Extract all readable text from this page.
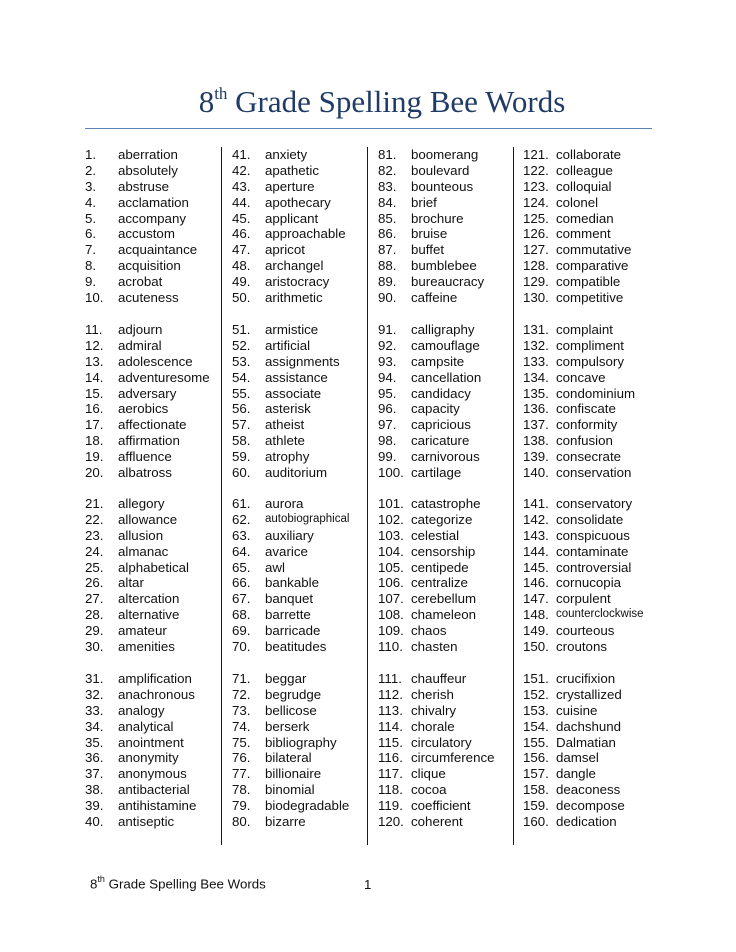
8th Grade Spelling Bee Words
1.	aberration
2.	absolutely
3.	abstruse
4.	acclamation
5.	accompany
6.	accustom
7.	acquaintance
8.	acquisition
9.	acrobat
10.	acuteness
11.	adjourn
12.	admiral
13.	adolescence
14.	adventuresome
15.	adversary
16.	aerobics
17.	affectionate
18.	affirmation
19.	affluence
20.	albatross
21.	allegory
22.	allowance
23.	allusion
24.	almanac
25.	alphabetical
26.	altar
27.	altercation
28.	alternative
29.	amateur
30.	amenities
31.	amplification
32.	anachronous
33.	analogy
34.	analytical
35.	anointment
36.	anonymity
37.	anonymous
38.	antibacterial
39.	antihistamine
40.	antiseptic
41.	anxiety
42.	apathetic
43.	aperture
44.	apothecary
45.	applicant
46.	approachable
47.	apricot
48.	archangel
49.	aristocracy
50.	arithmetic
51.	armistice
52.	artificial
53.	assignments
54.	assistance
55.	associate
56.	asterisk
57.	atheist
58.	athlete
59.	atrophy
60.	auditorium
61.	aurora
62.	autobiographical
63.	auxiliary
64.	avarice
65.	awl
66.	bankable
67.	banquet
68.	barrette
69.	barricade
70.	beatitudes
71.	beggar
72.	begrudge
73.	bellicose
74.	berserk
75.	bibliography
76.	bilateral
77.	billionaire
78.	binomial
79.	biodegradable
80.	bizarre
81.	boomerang
82.	boulevard
83.	bounteous
84.	brief
85.	brochure
86.	bruise
87.	buffet
88.	bumblebee
89.	bureaucracy
90.	caffeine
91.	calligraphy
92.	camouflage
93.	campsite
94.	cancellation
95.	candidacy
96.	capacity
97.	capricious
98.	caricature
99.	carnivorous
100. cartilage
101. catastrophe
102. categorize
103. celestial
104. censorship
105. centipede
106. centralize
107. cerebellum
108. chameleon
109. chaos
110. chasten
111. chauffeur
112. cherish
113. chivalry
114. chorale
115. circulatory
116. circumference
117. clique
118. cocoa
119. coefficient
120. coherent
121. collaborate
122. colleague
123. colloquial
124. colonel
125. comedian
126. comment
127. commutative
128. comparative
129. compatible
130. competitive
131. complaint
132. compliment
133. compulsory
134. concave
135. condominium
136. confiscate
137. conformity
138. confusion
139. consecrate
140. conservation
141. conservatory
142. consolidate
143. conspicuous
144. contaminate
145. controversial
146. cornucopia
147. corpulent
148. counterclockwise
149. courteous
150. croutons
151. crucifixion
152. crystallized
153. cuisine
154. dachshund
155. Dalmatian
156. damsel
157. dangle
158. deaconess
159. decompose
160. dedication
8th Grade Spelling Bee Words	1
